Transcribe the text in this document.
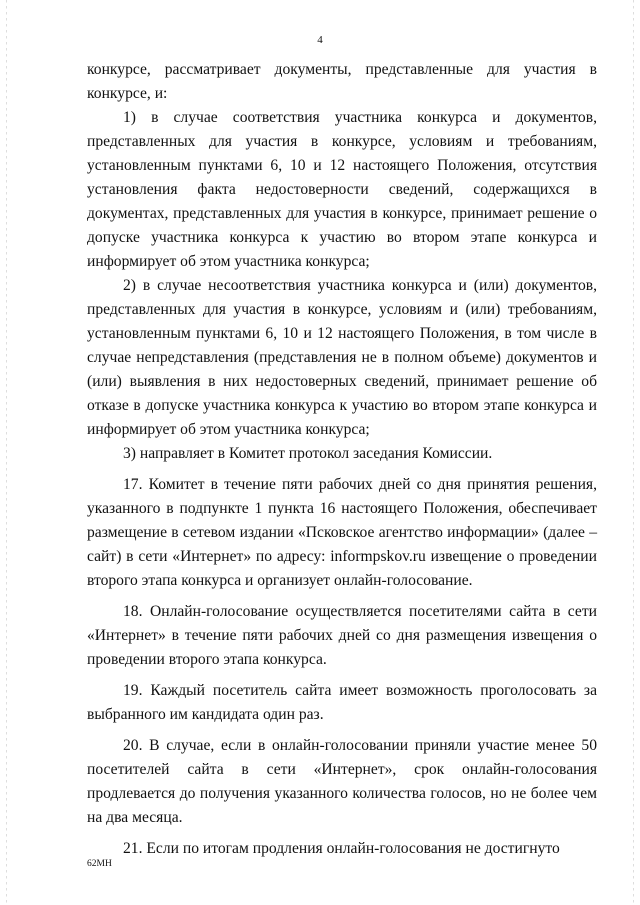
4

конкурсе, рассматривает документы, представленные для участия в конкурсе, и:

1) в случае соответствия участника конкурса и документов, представленных для участия в конкурсе, условиям и требованиям, установленным пунктами 6, 10 и 12 настоящего Положения, отсутствия установления факта недостоверности сведений, содержащихся в документах, представленных для участия в конкурсе, принимает решение о допуске участника конкурса к участию во втором этапе конкурса и информирует об этом участника конкурса;

2) в случае несоответствия участника конкурса и (или) документов, представленных для участия в конкурсе, условиям и (или) требованиям, установленным пунктами 6, 10 и 12 настоящего Положения, в том числе в случае непредставления (представления не в полном объеме) документов и (или) выявления в них недостоверных сведений, принимает решение об отказе в допуске участника конкурса к участию во втором этапе конкурса и информирует об этом участника конкурса;

3) направляет в Комитет протокол заседания Комиссии.

17. Комитет в течение пяти рабочих дней со дня принятия решения, указанного в подпункте 1 пункта 16 настоящего Положения, обеспечивает размещение в сетевом издании «Псковское агентство информации» (далее – сайт) в сети «Интернет» по адресу: informpskov.ru извещение о проведении второго этапа конкурса и организует онлайн-голосование.

18. Онлайн-голосование осуществляется посетителями сайта в сети «Интернет» в течение пяти рабочих дней со дня размещения извещения о проведении второго этапа конкурса.

19. Каждый посетитель сайта имеет возможность проголосовать за выбранного им кандидата один раз.

20. В случае, если в онлайн-голосовании приняли участие менее 50 посетителей сайта в сети «Интернет», срок онлайн-голосования продлевается до получения указанного количества голосов, но не более чем на два месяца.

21. Если по итогам продления онлайн-голосования не достигнуто

62МН
